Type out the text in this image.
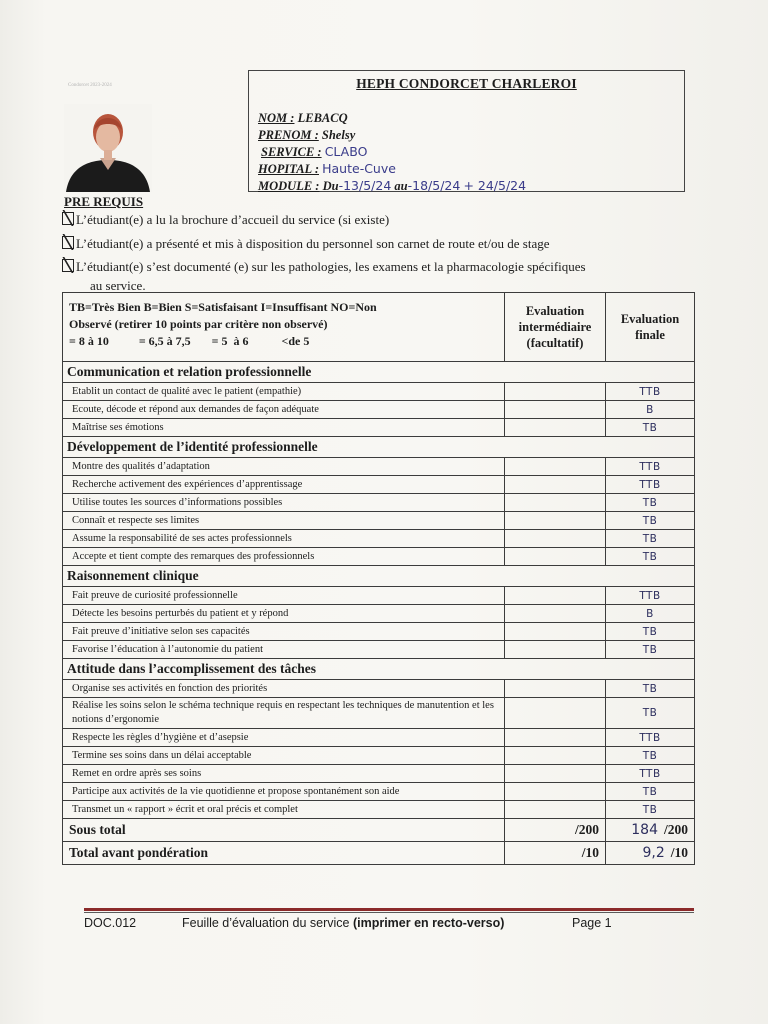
Condorcet 2023-2024	HEPH CONDORCET CHARLEROI
NOM : LEBACQ
PRENOM : Shelsy
SERVICE : CLABO
HOPITAL : Haute-Cuve
MODULE : Du-13/5/24 au-18/5/24 + 24/5/24
PRE REQUIS
L’étudiant(e) a lu la brochure d’accueil du service (si existe)
L’étudiant(e) a présenté et mis à disposition du personnel son carnet de route et/ou de stage
L’étudiant(e) s’est documenté (e) sur les pathologies, les examens et la pharmacologie spécifiques
au service.
TB=Très Bien B=Bien S=Satisfaisant I=Insuffisant NO=Non
Observé (retirer 10 points par critère non observé)
= 8 à 10          = 6,5 à 7,5       = 5  à 6           <de 5	Evaluation intermédiaire (facultatif)	Evaluation finale
Communication et relation professionnelle		
Etablit un contact de qualité avec le patient (empathie)		TTB
Ecoute, décode et répond aux demandes de façon adéquate		B
Maîtrise ses émotions		TB
Développement de l’identité professionnelle		
Montre des qualités d’adaptation		TTB
Recherche activement des expériences d’apprentissage		TTB
Utilise toutes les sources d’informations possibles		TB
Connaît et respecte ses limites		TB
Assume la responsabilité de ses actes professionnels		TB
Accepte et tient compte des remarques des professionnels		TB
Raisonnement clinique		
Fait preuve de curiosité professionnelle		TTB
Détecte les besoins perturbés du patient et y répond		B
Fait preuve d’initiative selon ses capacités		TB
Favorise l’éducation à l’autonomie du patient		TB
Attitude dans l’accomplissement des tâches		
Organise ses activités en fonction des priorités		TB
Réalise les soins selon le schéma technique requis en respectant les techniques de manutention et les notions d’ergonomie		TB
Respecte les règles d’hygiène et d’asepsie		TTB
Termine ses soins dans un délai acceptable		TB
Remet en ordre après ses soins		TTB
Participe aux activités de la vie quotidienne et propose spontanément son aide		TB
Transmet un « rapport » écrit et oral précis et complet		TB
Sous total	/200	184 /200
Total avant pondération	/10	9,2 /10
DOC.012	Feuille d’évaluation du service (imprimer en recto-verso)	Page 1
